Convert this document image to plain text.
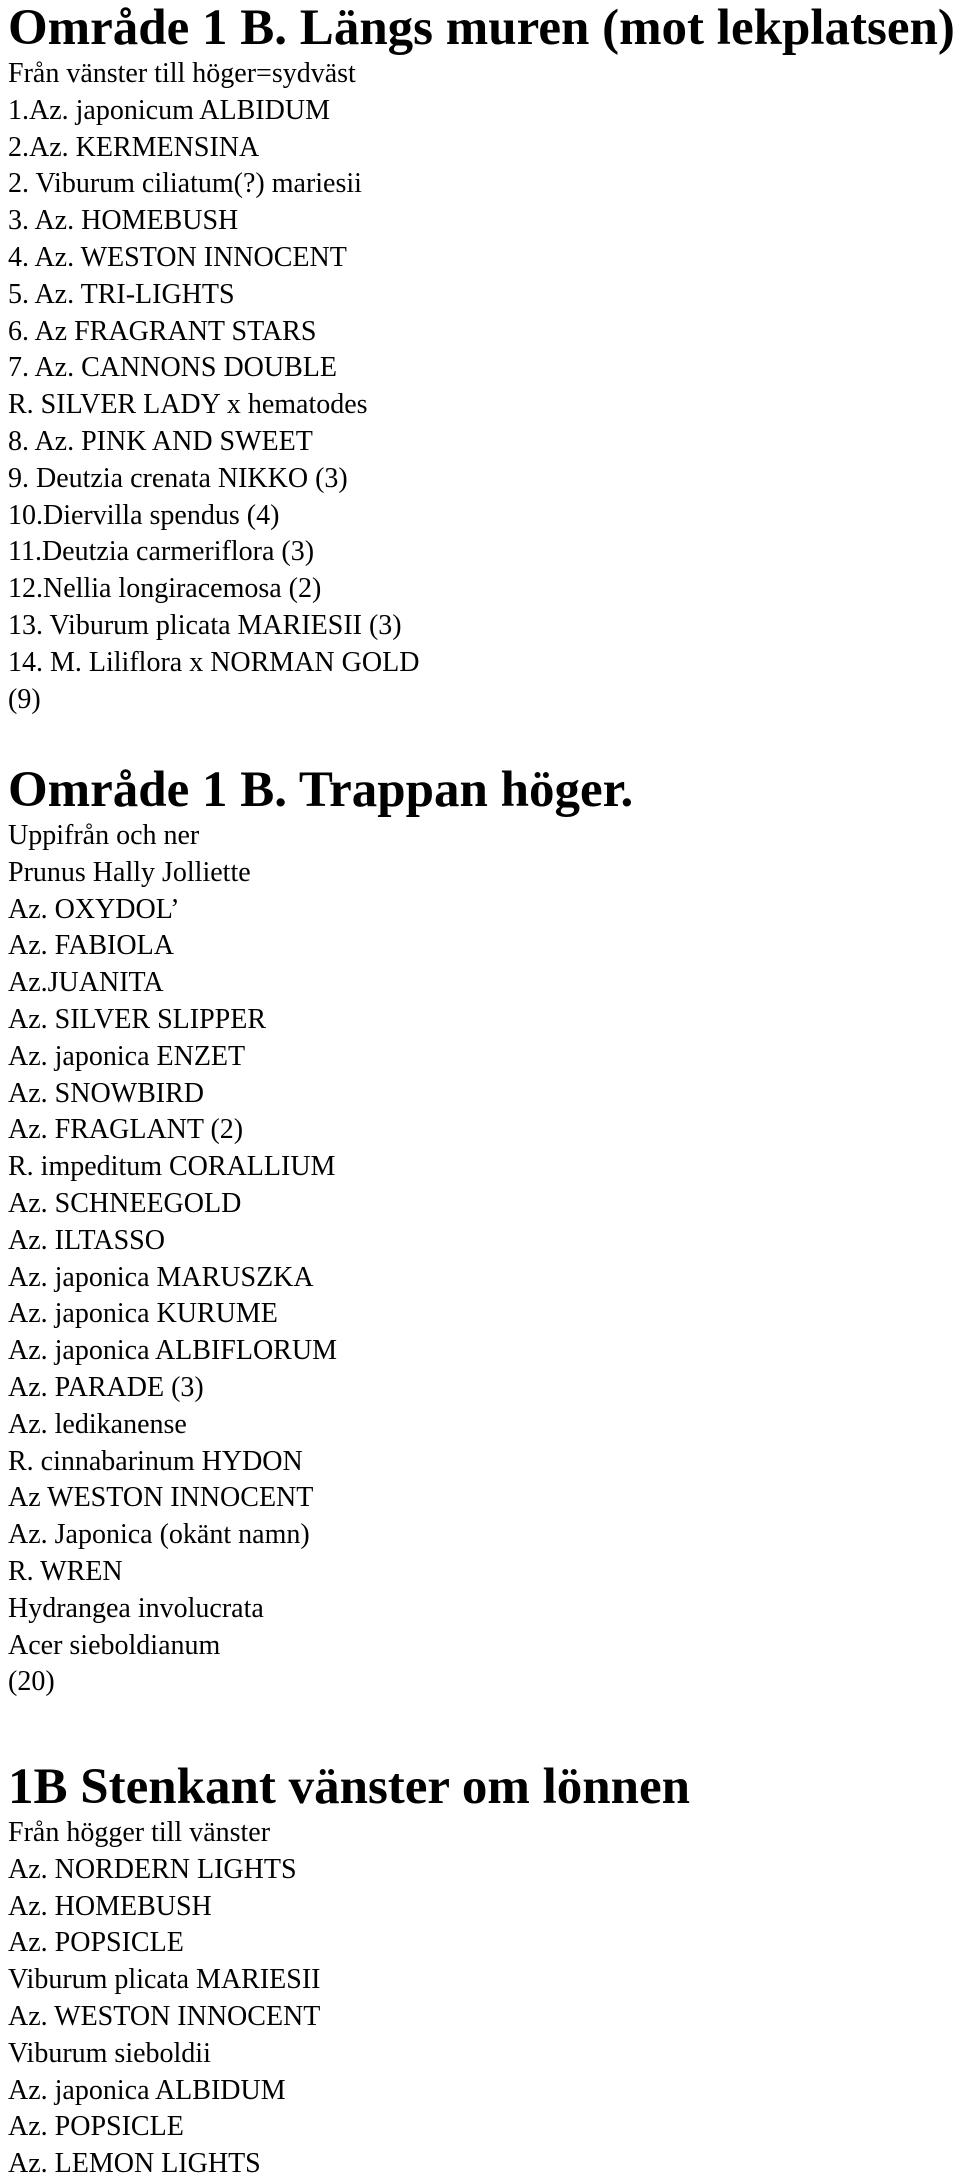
Område 1 B. Längs muren (mot lekplatsen)
Från vänster till höger=sydväst
1.Az. japonicum ALBIDUM
2.Az. KERMENSINA
2. Viburum ciliatum(?) mariesii
3. Az. HOMEBUSH
4. Az. WESTON INNOCENT
5. Az. TRI-LIGHTS
6. Az FRAGRANT STARS
7. Az. CANNONS DOUBLE
R. SILVER LADY x hematodes
8. Az. PINK AND SWEET
9. Deutzia crenata NIKKO (3)
10.Diervilla spendus (4)
11.Deutzia carmeriflora (3)
12.Nellia longiracemosa (2)
13. Viburum plicata MARIESII (3)
14. M. Liliflora x NORMAN GOLD
(9)
Område 1 B. Trappan höger.
Uppifrån och ner
Prunus Hally Jolliette
Az. OXYDOL’
Az. FABIOLA
Az.JUANITA
Az. SILVER SLIPPER
Az. japonica ENZET
Az. SNOWBIRD
Az. FRAGLANT (2)
R. impeditum CORALLIUM
Az. SCHNEEGOLD
Az. ILTASSO
Az. japonica MARUSZKA
Az. japonica KURUME
Az. japonica ALBIFLORUM
Az. PARADE (3)
Az. ledikanense
R. cinnabarinum HYDON
Az WESTON INNOCENT
Az. Japonica (okänt namn)
R. WREN
Hydrangea involucrata
Acer sieboldianum
(20)
1B Stenkant vänster om lönnen
Från högger till vänster
Az. NORDERN LIGHTS
Az. HOMEBUSH
Az. POPSICLE
Viburum plicata MARIESII
Az. WESTON INNOCENT
Viburum sieboldii
Az. japonica ALBIDUM
Az. POPSICLE
Az. LEMON LIGHTS
